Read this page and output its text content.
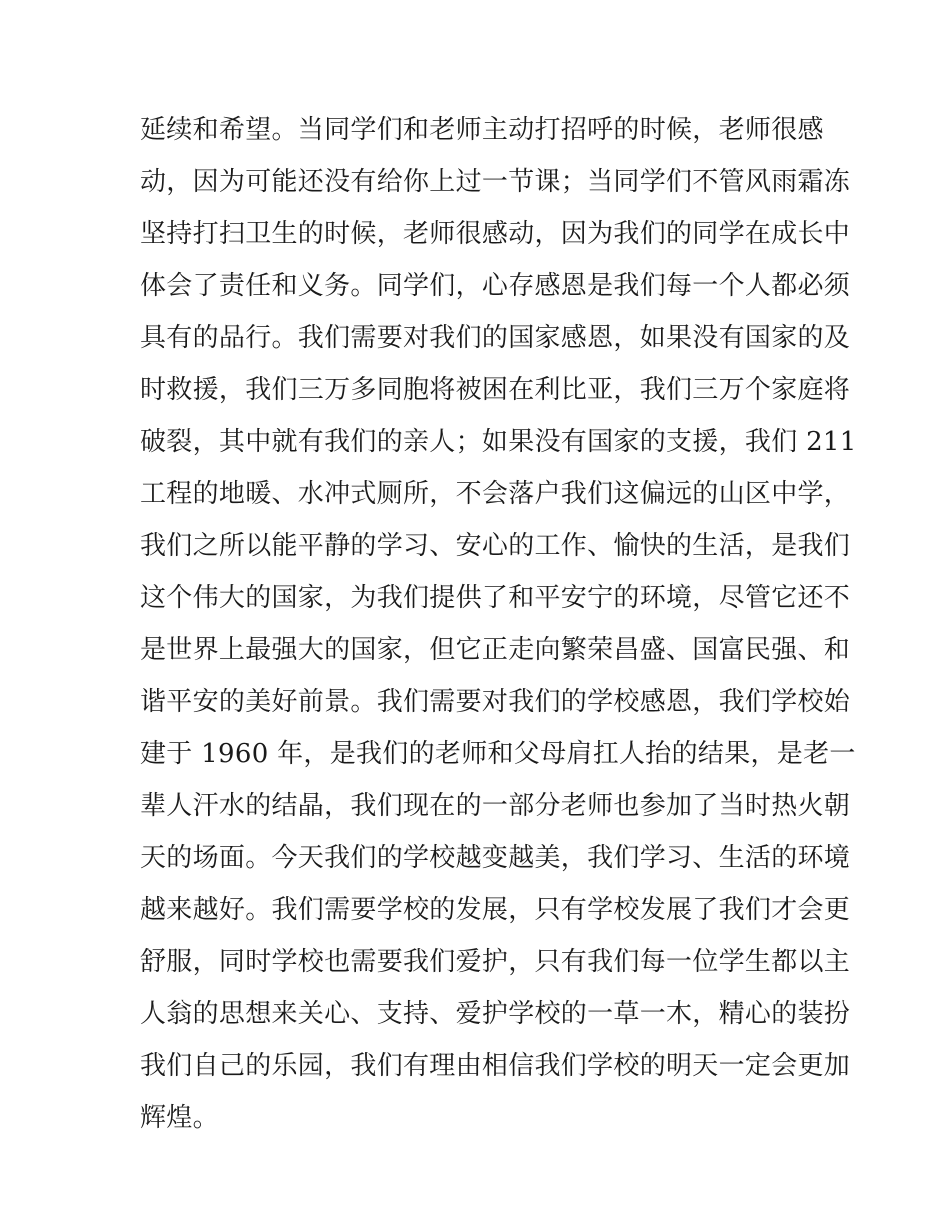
延续和希望。当同学们和老师主动打招呼的时候，老师很感
动，因为可能还没有给你上过一节课；当同学们不管风雨霜冻
坚持打扫卫生的时候，老师很感动，因为我们的同学在成长中
体会了责任和义务。同学们，心存感恩是我们每一个人都必须
具有的品行。我们需要对我们的国家感恩，如果没有国家的及
时救援，我们三万多同胞将被困在利比亚，我们三万个家庭将
破裂，其中就有我们的亲人；如果没有国家的支援，我们 211
工程的地暖、水冲式厕所，不会落户我们这偏远的山区中学，
我们之所以能平静的学习、安心的工作、愉快的生活，是我们
这个伟大的国家，为我们提供了和平安宁的环境，尽管它还不
是世界上最强大的国家，但它正走向繁荣昌盛、国富民强、和
谐平安的美好前景。我们需要对我们的学校感恩，我们学校始
建于 1960 年，是我们的老师和父母肩扛人抬的结果，是老一
辈人汗水的结晶，我们现在的一部分老师也参加了当时热火朝
天的场面。今天我们的学校越变越美，我们学习、生活的环境
越来越好。我们需要学校的发展，只有学校发展了我们才会更
舒服，同时学校也需要我们爱护，只有我们每一位学生都以主
人翁的思想来关心、支持、爱护学校的一草一木，精心的装扮
我们自己的乐园，我们有理由相信我们学校的明天一定会更加
辉煌。
